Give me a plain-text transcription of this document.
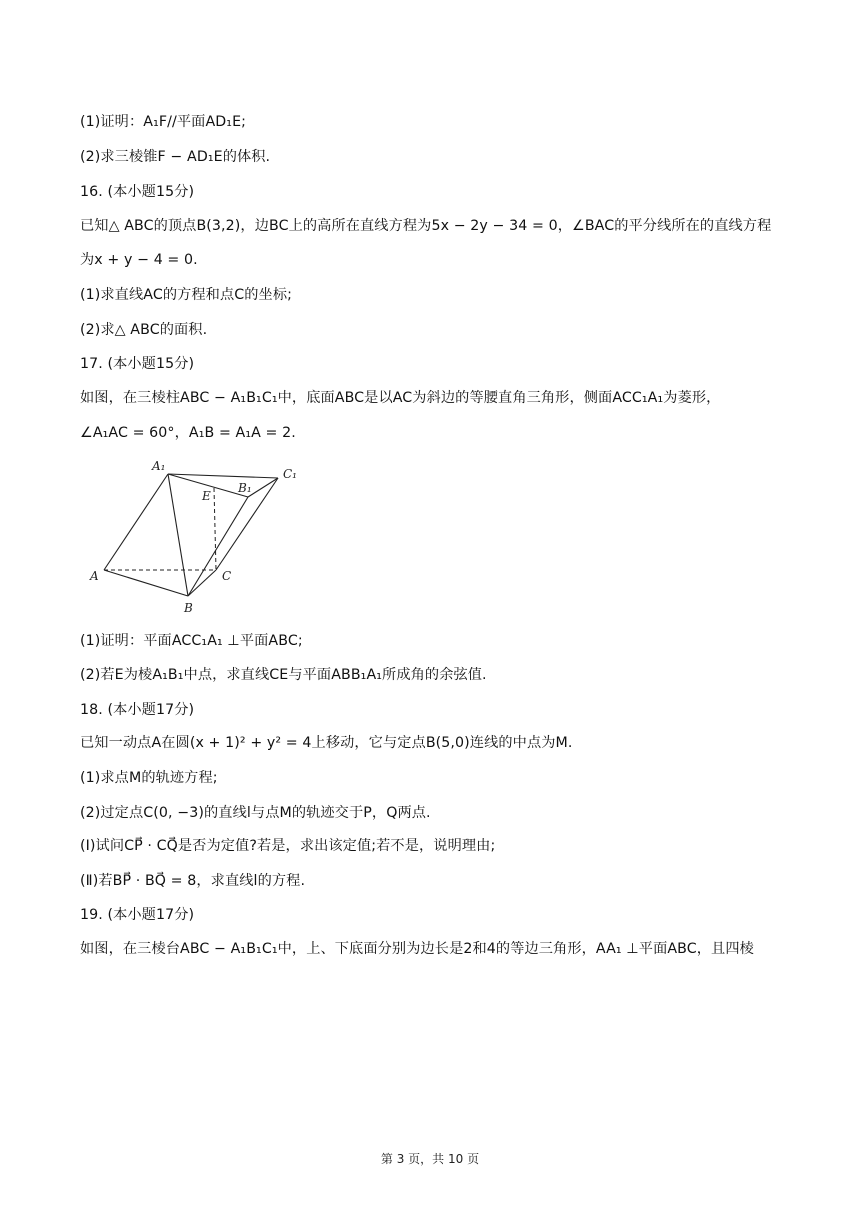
(1)证明：A₁F//平面AD₁E;
(2)求三棱锥F − AD₁E的体积.
16. (本小题15分)
已知△ ABC的顶点B(3,2)，边BC上的高所在直线方程为5x − 2y − 34 = 0，∠BAC的平分线所在的直线方程
为x + y − 4 = 0.
(1)求直线AC的方程和点C的坐标;
(2)求△ ABC的面积.
17. (本小题15分)
如图，在三棱柱ABC − A₁B₁C₁中，底面ABC是以AC为斜边的等腰直角三角形，侧面ACC₁A₁为菱形，
∠A₁AC = 60°，A₁B = A₁A = 2.
A₁
C₁
B₁
E
A	C
B
(1)证明：平面ACC₁A₁ ⊥平面ABC;
(2)若E为棱A₁B₁中点，求直线CE与平面ABB₁A₁所成角的余弦值.
18. (本小题17分)
已知一动点A在圆(x + 1)² + y² = 4上移动，它与定点B(5,0)连线的中点为M.
(1)求点M的轨迹方程;
(2)过定点C(0, −3)的直线l与点M的轨迹交于P，Q两点.
(Ⅰ)试问CP⃗ · CQ⃗是否为定值?若是，求出该定值;若不是，说明理由;
(Ⅱ)若BP⃗ · BQ⃗ = 8，求直线l的方程.
19. (本小题17分)
如图，在三棱台ABC − A₁B₁C₁中，上、下底面分别为边长是2和4的等边三角形，AA₁ ⊥平面ABC，且四棱
第 3 页，共 10 页
